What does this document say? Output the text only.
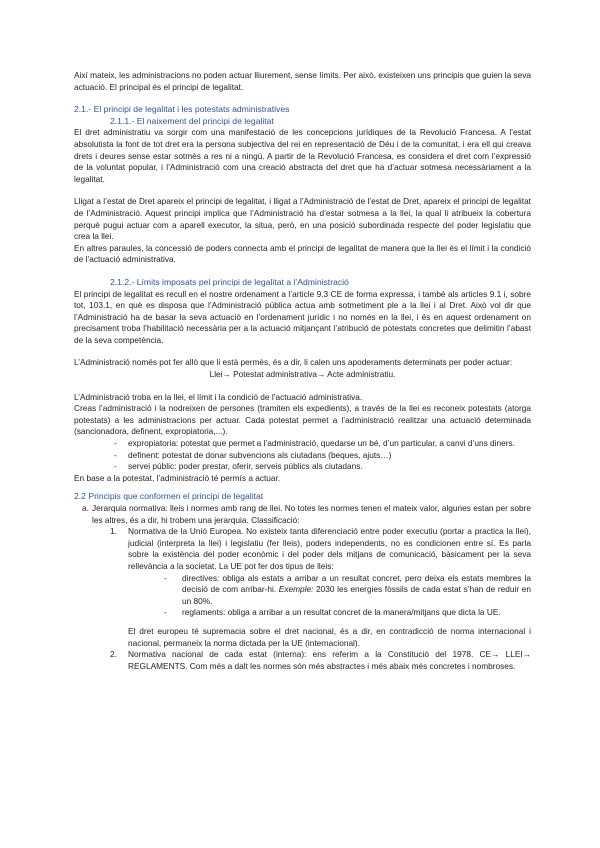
Així mateix, les administracions no poden actuar lliurement, sense límits. Per això, existeixen uns principis que guien la seva actuació. El principal és el principi de legalitat.

2.1.- El principi de legalitat i les potestats administratives

2.1.1.- El naixement del principi de legalitat

El dret administratiu va sorgir com una manifestació de les concepcions jurídiques de la Revolució Francesa. A l’estat absolutista la font de tot dret era la persona subjectiva del rei en representació de Déu i de la comunitat, i era ell qui creava drets i deures sense estar sotmès a res ni a ningú. A partir de la Revolució Francesa, es considera el dret com l’expressió de la voluntat popular, i l’Administració com una creació abstracta del dret que ha d’actuar sotmesa necessàriament a la legalitat.

Lligat a l’estat de Dret apareix el principi de legalitat, i lligat a l’Administració de l’estat de Dret, apareix el principi de legalitat de l’Administració. Aquest principi implica que l’Administració ha d’estar sotmesa a la llei, la qual li atribueix la cobertura perquè pugui actuar com a aparell executor, la situa, però, en una posició subordinada respecte del poder legislatiu que crea la llei.

En altres paraules, la concessió de poders connecta amb el principi de legalitat de manera que la llei és el límit i la condició de l’actuació administrativa.

2.1.2.- Límits imposats pel principi de legalitat a l’Administració

El principi de legalitat es recull en el nostre ordenament a l’article 9.3 CE de forma expressa, i també als articles 9.1 i, sobre tot, 103.1, en què es disposa que l’Administració pública actua amb sotmetiment ple a la llei i al Dret. Això vol dir que l’Administració ha de basar la seva actuació en l’ordenament jurídic i no només en la llei, i és en aquest ordenament on precisament troba l’habilitació necessària per a la actuació mitjançant l’atribució de potestats concretes que delimitin l’abast de la seva competència.

L’Administració només pot fer allò que li està permès, és a dir, li calen uns apoderaments determinats per poder actuar:

Llei→ Potestat administrativa→ Acte administratiu.

L’Administració troba en la llei, el límit i la condició de l’actuació administrativa.

Creas l’administració i la nodreixen de persones (tramiten els expedients), a través de la llei es reconeix potestats (atorga potestats) a les administracions per actuar. Cada potestat permet a l’administració realitzar una actuació determinada (sancionadora, definent, expropiatoria,...).

- expropiatoria: potestat que permet a l’administració, quedarse un bé, d’un particular, a canvi d’uns diners.
- definent: potestat de donar subvencions als ciutadans (beques, ajuts…)
- servei públic: poder prestar, oferir, serveis públics als ciutadans.

En base a la potestat, l’administració té permís a actuar.

2.2 Principis que conformen el principi de legalitat

a. Jerarquia normativa: lleis i normes amb rang de llei. No totes les normes tenen el mateix valor, algunes estan per sobre les altres, és a dir, hi trobem una jerarquia. Classificació:
1. Normativa de la Unió Europea. No existeix tanta diferenciació entre poder executiu (portar a practica la llei), judicial (interpreta la llei) i legislatiu (fer lleis), poders independents, no es condicionen entre sí. Es parla sobre la existència del poder econòmic i del poder dels mitjans de comunicació, bàsicament per la seva rellevància a la societat. La UE pot fer dos tipus de lleis:
- directives: obliga als estats a arribar a un resultat concret, pero deixa els estats membres la decisió de com arribar-hi. Exemple: 2030 les energies fòssils de cada estat s’han de reduir en un 80%.
- reglaments: obliga a arribar a un resultat concret de la manera/mitjans que dicta la UE.

El dret europeu té supremacia sobre el dret nacional, és a dir, en contradicció de norma internacional i nacional, permaneix la norma dictada per la UE (internacional).

2. Normativa nacional de cada estat (interna): ens referim a la Constitució del 1978. CE→ LLEI→ REGLAMENTS. Com més a dalt les normes són més abstractes i més abaix més concretes i nombroses.
